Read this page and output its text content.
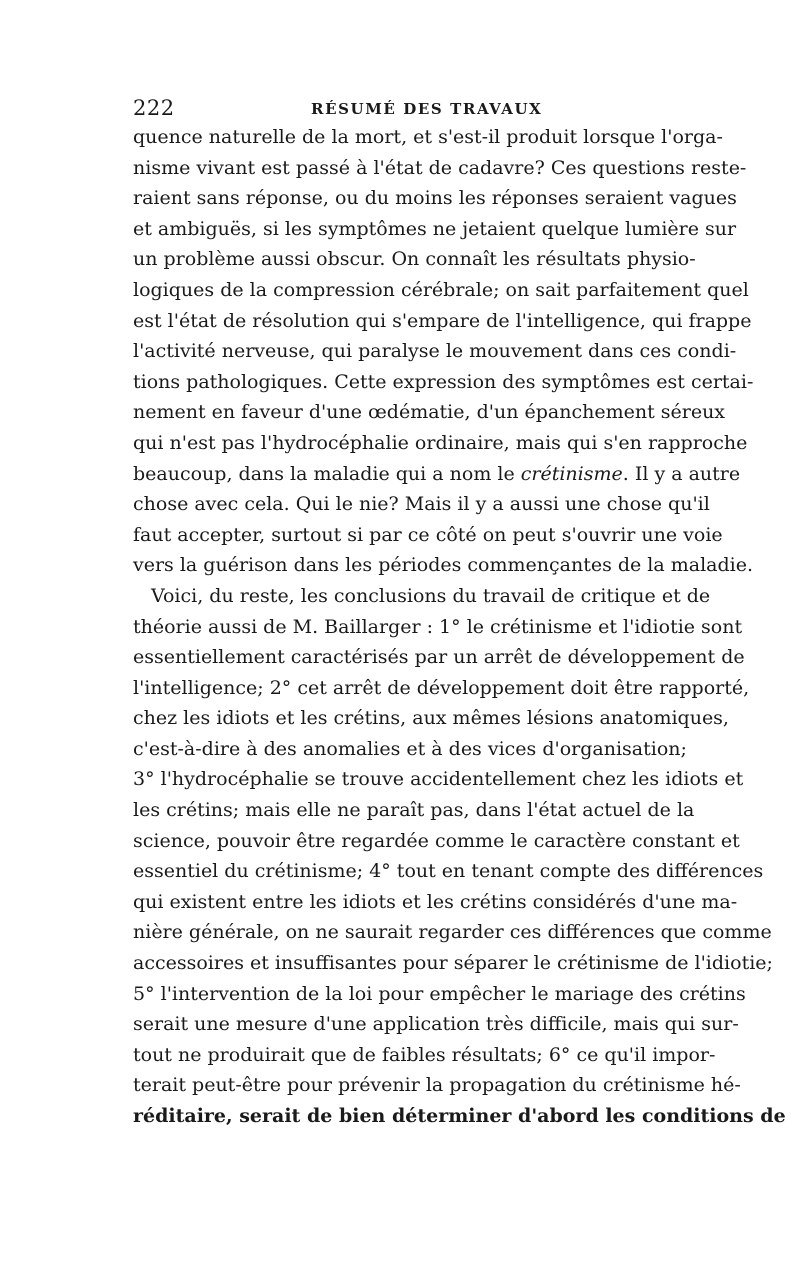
222	RÉSUMÉ DES TRAVAUX
quence naturelle de la mort, et s'est-il produit lorsque l'orga-
nisme vivant est passé à l'état de cadavre? Ces questions reste-
raient sans réponse, ou du moins les réponses seraient vagues
et ambiguës, si les symptômes ne jetaient quelque lumière sur
un problème aussi obscur. On connaît les résultats physio-
logiques de la compression cérébrale; on sait parfaitement quel
est l'état de résolution qui s'empare de l'intelligence, qui frappe
l'activité nerveuse, qui paralyse le mouvement dans ces condi-
tions pathologiques. Cette expression des symptômes est certai-
nement en faveur d'une œdématie, d'un épanchement séreux
qui n'est pas l'hydrocéphalie ordinaire, mais qui s'en rapproche
beaucoup, dans la maladie qui a nom le crétinisme. Il y a autre
chose avec cela. Qui le nie? Mais il y a aussi une chose qu'il
faut accepter, surtout si par ce côté on peut s'ouvrir une voie
vers la guérison dans les périodes commençantes de la maladie.
Voici, du reste, les conclusions du travail de critique et de
théorie aussi de M. Baillarger : 1° le crétinisme et l'idiotie sont
essentiellement caractérisés par un arrêt de développement de
l'intelligence; 2° cet arrêt de développement doit être rapporté,
chez les idiots et les crétins, aux mêmes lésions anatomiques,
c'est-à-dire à des anomalies et à des vices d'organisation;
3° l'hydrocéphalie se trouve accidentellement chez les idiots et
les crétins; mais elle ne paraît pas, dans l'état actuel de la
science, pouvoir être regardée comme le caractère constant et
essentiel du crétinisme; 4° tout en tenant compte des différences
qui existent entre les idiots et les crétins considérés d'une ma-
nière générale, on ne saurait regarder ces différences que comme
accessoires et insuffisantes pour séparer le crétinisme de l'idiotie;
5° l'intervention de la loi pour empêcher le mariage des crétins
serait une mesure d'une application très difficile, mais qui sur-
tout ne produirait que de faibles résultats; 6° ce qu'il impor-
terait peut-être pour prévenir la propagation du crétinisme hé-
réditaire, serait de bien déterminer d'abord les conditions de
